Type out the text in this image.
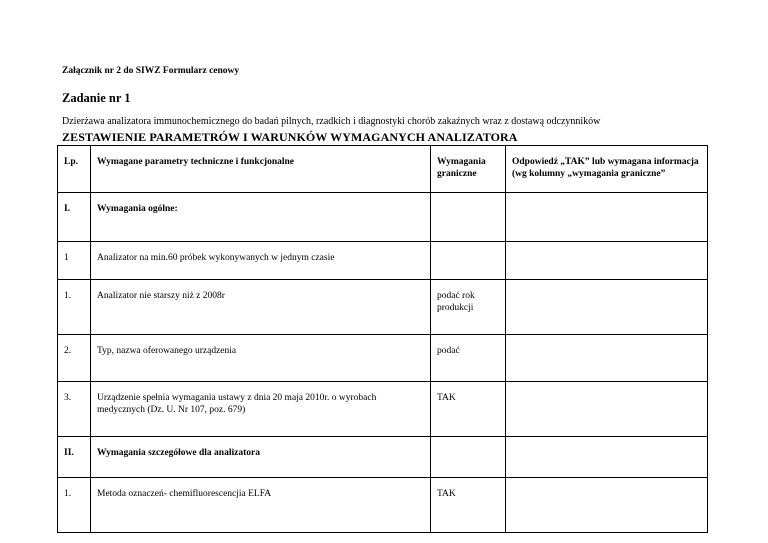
Załącznik nr 2 do SIWZ Formularz cenowy
Zadanie nr 1
Dzierżawa analizatora immunochemicznego do badań pilnych, rzadkich i diagnostyki chorób zakaźnych wraz z dostawą odczynników
ZESTAWIENIE PARAMETRÓW I WARUNKÓW WYMAGANYCH ANALIZATORA
Lp.	Wymagane parametry techniczne i funkcjonalne	Wymagania graniczne	Odpowiedź „TAK” lub wymagana informacja (wg kolumny „wymagania graniczne”
I.	Wymagania ogólne:		
1	Analizator na min.60 próbek wykonywanych w jednym czasie		
1.	Analizator nie starszy niż z 2008r	podać rok produkcji	
2.	Typ, nazwa oferowanego urządzenia	podać	
3.	Urządzenie spełnia wymagania ustawy z dnia 20 maja 2010r. o wyrobach medycznych (Dz. U. Nr 107, poz. 679)	TAK	
II.	Wymagania szczegółowe dla analizatora		
1.	Metoda oznaczeń- chemifluorescencjia ELFA	TAK	
